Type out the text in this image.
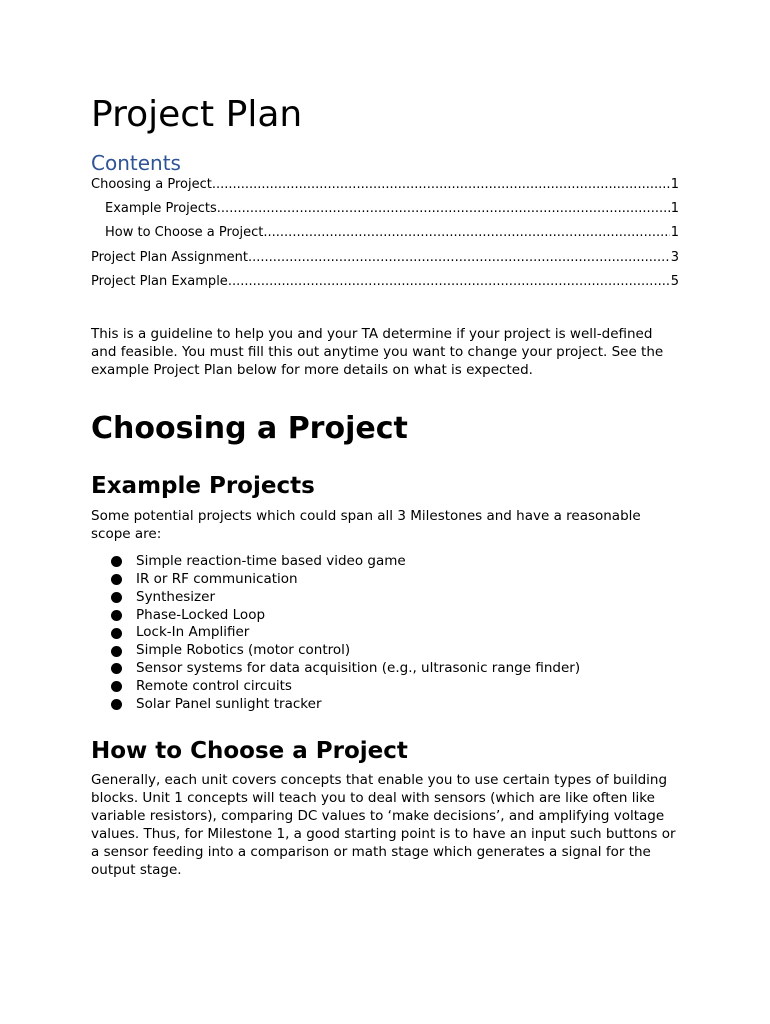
Project Plan
Contents
Choosing a Project .....	1
Example Projects .....	1
How to Choose a Project .....	1
Project Plan Assignment .....	3
Project Plan Example .....	5

This is a guideline to help you and your TA determine if your project is well-defined and feasible. You must fill this out anytime you want to change your project. See the example Project Plan below for more details on what is expected.

Choosing a Project
Example Projects

Some potential projects which could span all 3 Milestones and have a reasonable scope are:

Simple reaction-time based video game
IR or RF communication
Synthesizer
Phase-Locked Loop
Lock-In Amplifier
Simple Robotics (motor control)
Sensor systems for data acquisition (e.g., ultrasonic range finder)
Remote control circuits
Solar Panel sunlight tracker
How to Choose a Project

Generally, each unit covers concepts that enable you to use certain types of building blocks. Unit 1 concepts will teach you to deal with sensors (which are like often like variable resistors), comparing DC values to ‘make decisions’, and amplifying voltage values. Thus, for Milestone 1, a good starting point is to have an input such buttons or a sensor feeding into a comparison or math stage which generates a signal for the output stage.
